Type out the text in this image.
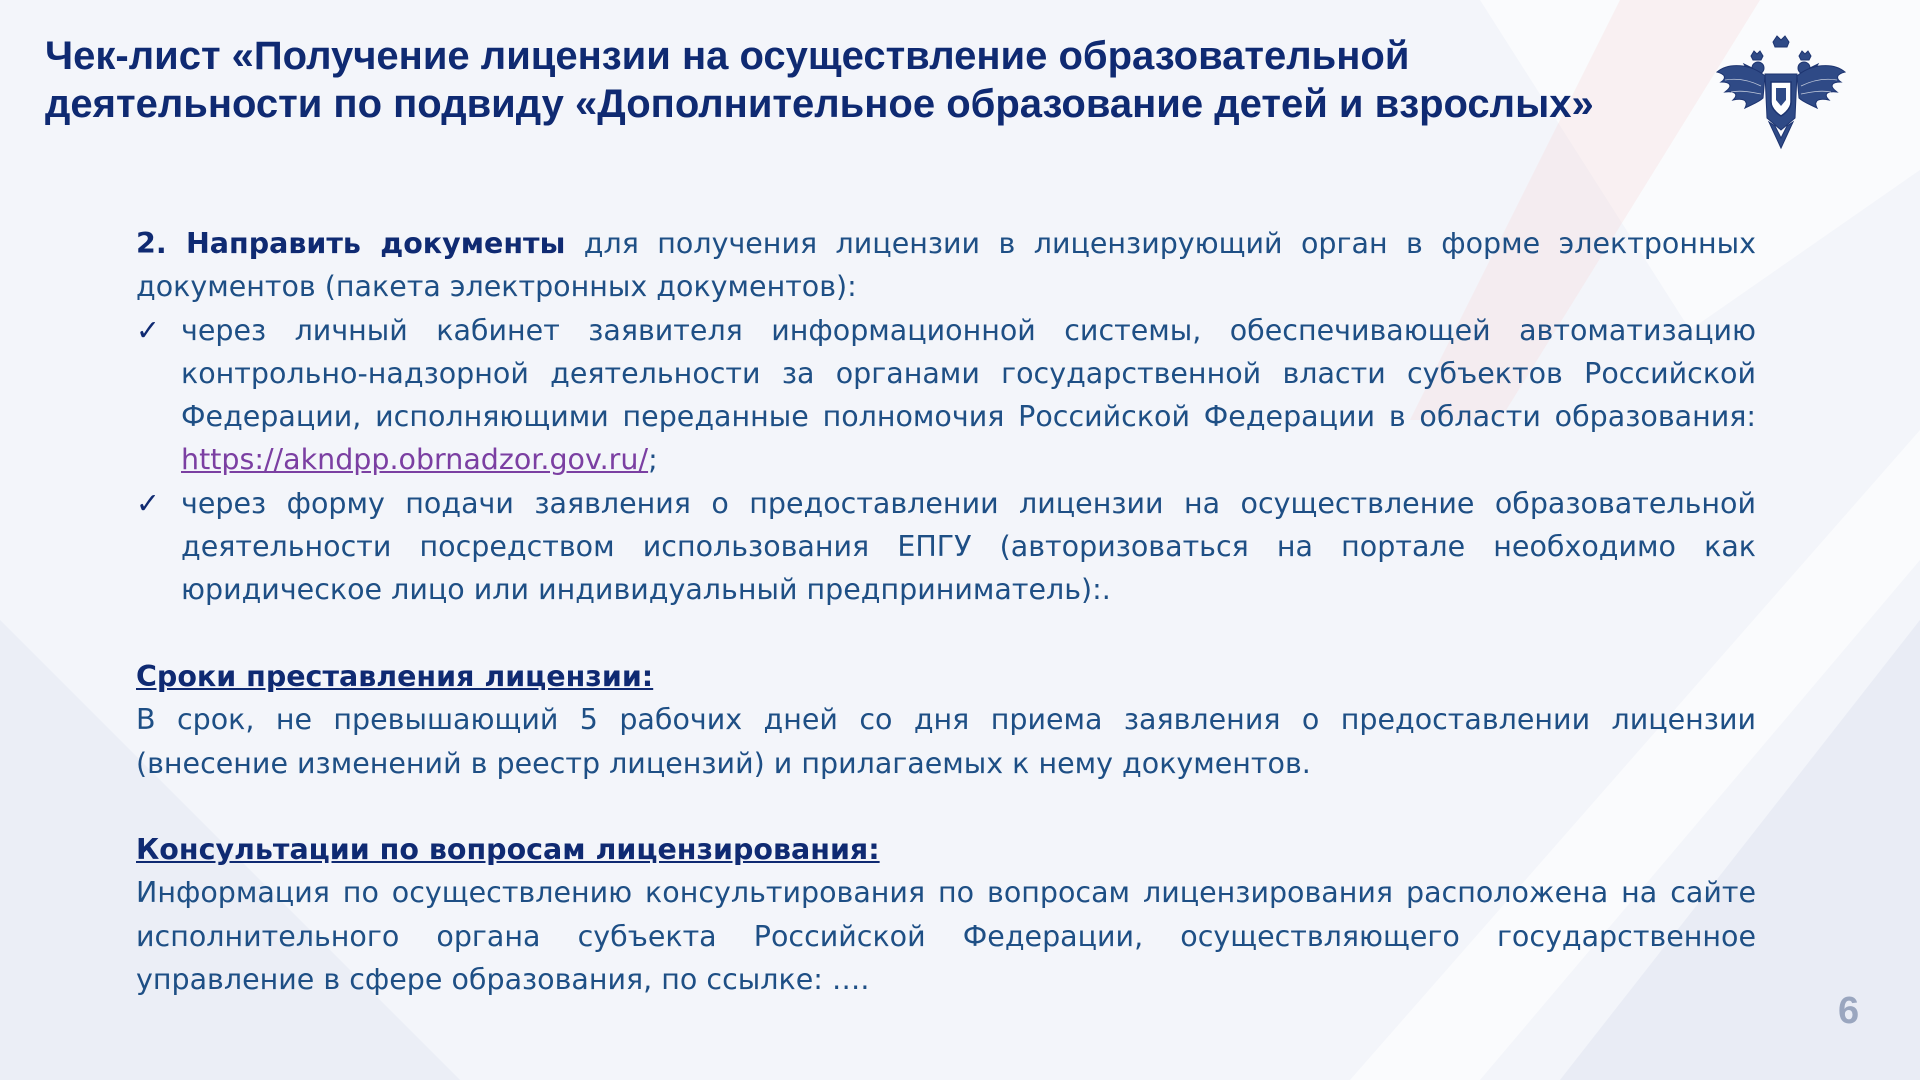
Чек-лист «Получение лицензии на осуществление образовательной
деятельности по подвиду «Дополнительное образование детей и взрослых»

2. Направить документы для получения лицензии в лицензирующий орган в форме электронных документов (пакета электронных документов):

✓ через личный кабинет заявителя информационной системы, обеспечивающей автоматизацию контрольно-надзорной деятельности за органами государственной власти субъектов Российской Федерации, исполняющими переданные полномочия Российской Федерации в области образования: https://akndpp.obrnadzor.gov.ru/;
✓ через форму подачи заявления о предоставлении лицензии на осуществление образовательной деятельности посредством использования ЕПГУ (авторизоваться на портале необходимо как юридическое лицо или индивидуальный предприниматель):.

Сроки преставления лицензии:

В срок, не превышающий 5 рабочих дней со дня приема заявления о предоставлении лицензии (внесение изменений в реестр лицензий) и прилагаемых к нему документов.

Консультации по вопросам лицензирования:

Информация по осуществлению консультирования по вопросам лицензирования расположена на сайте исполнительного органа субъекта Российской Федерации, осуществляющего государственное управление в сфере образования, по ссылке: ….

6
